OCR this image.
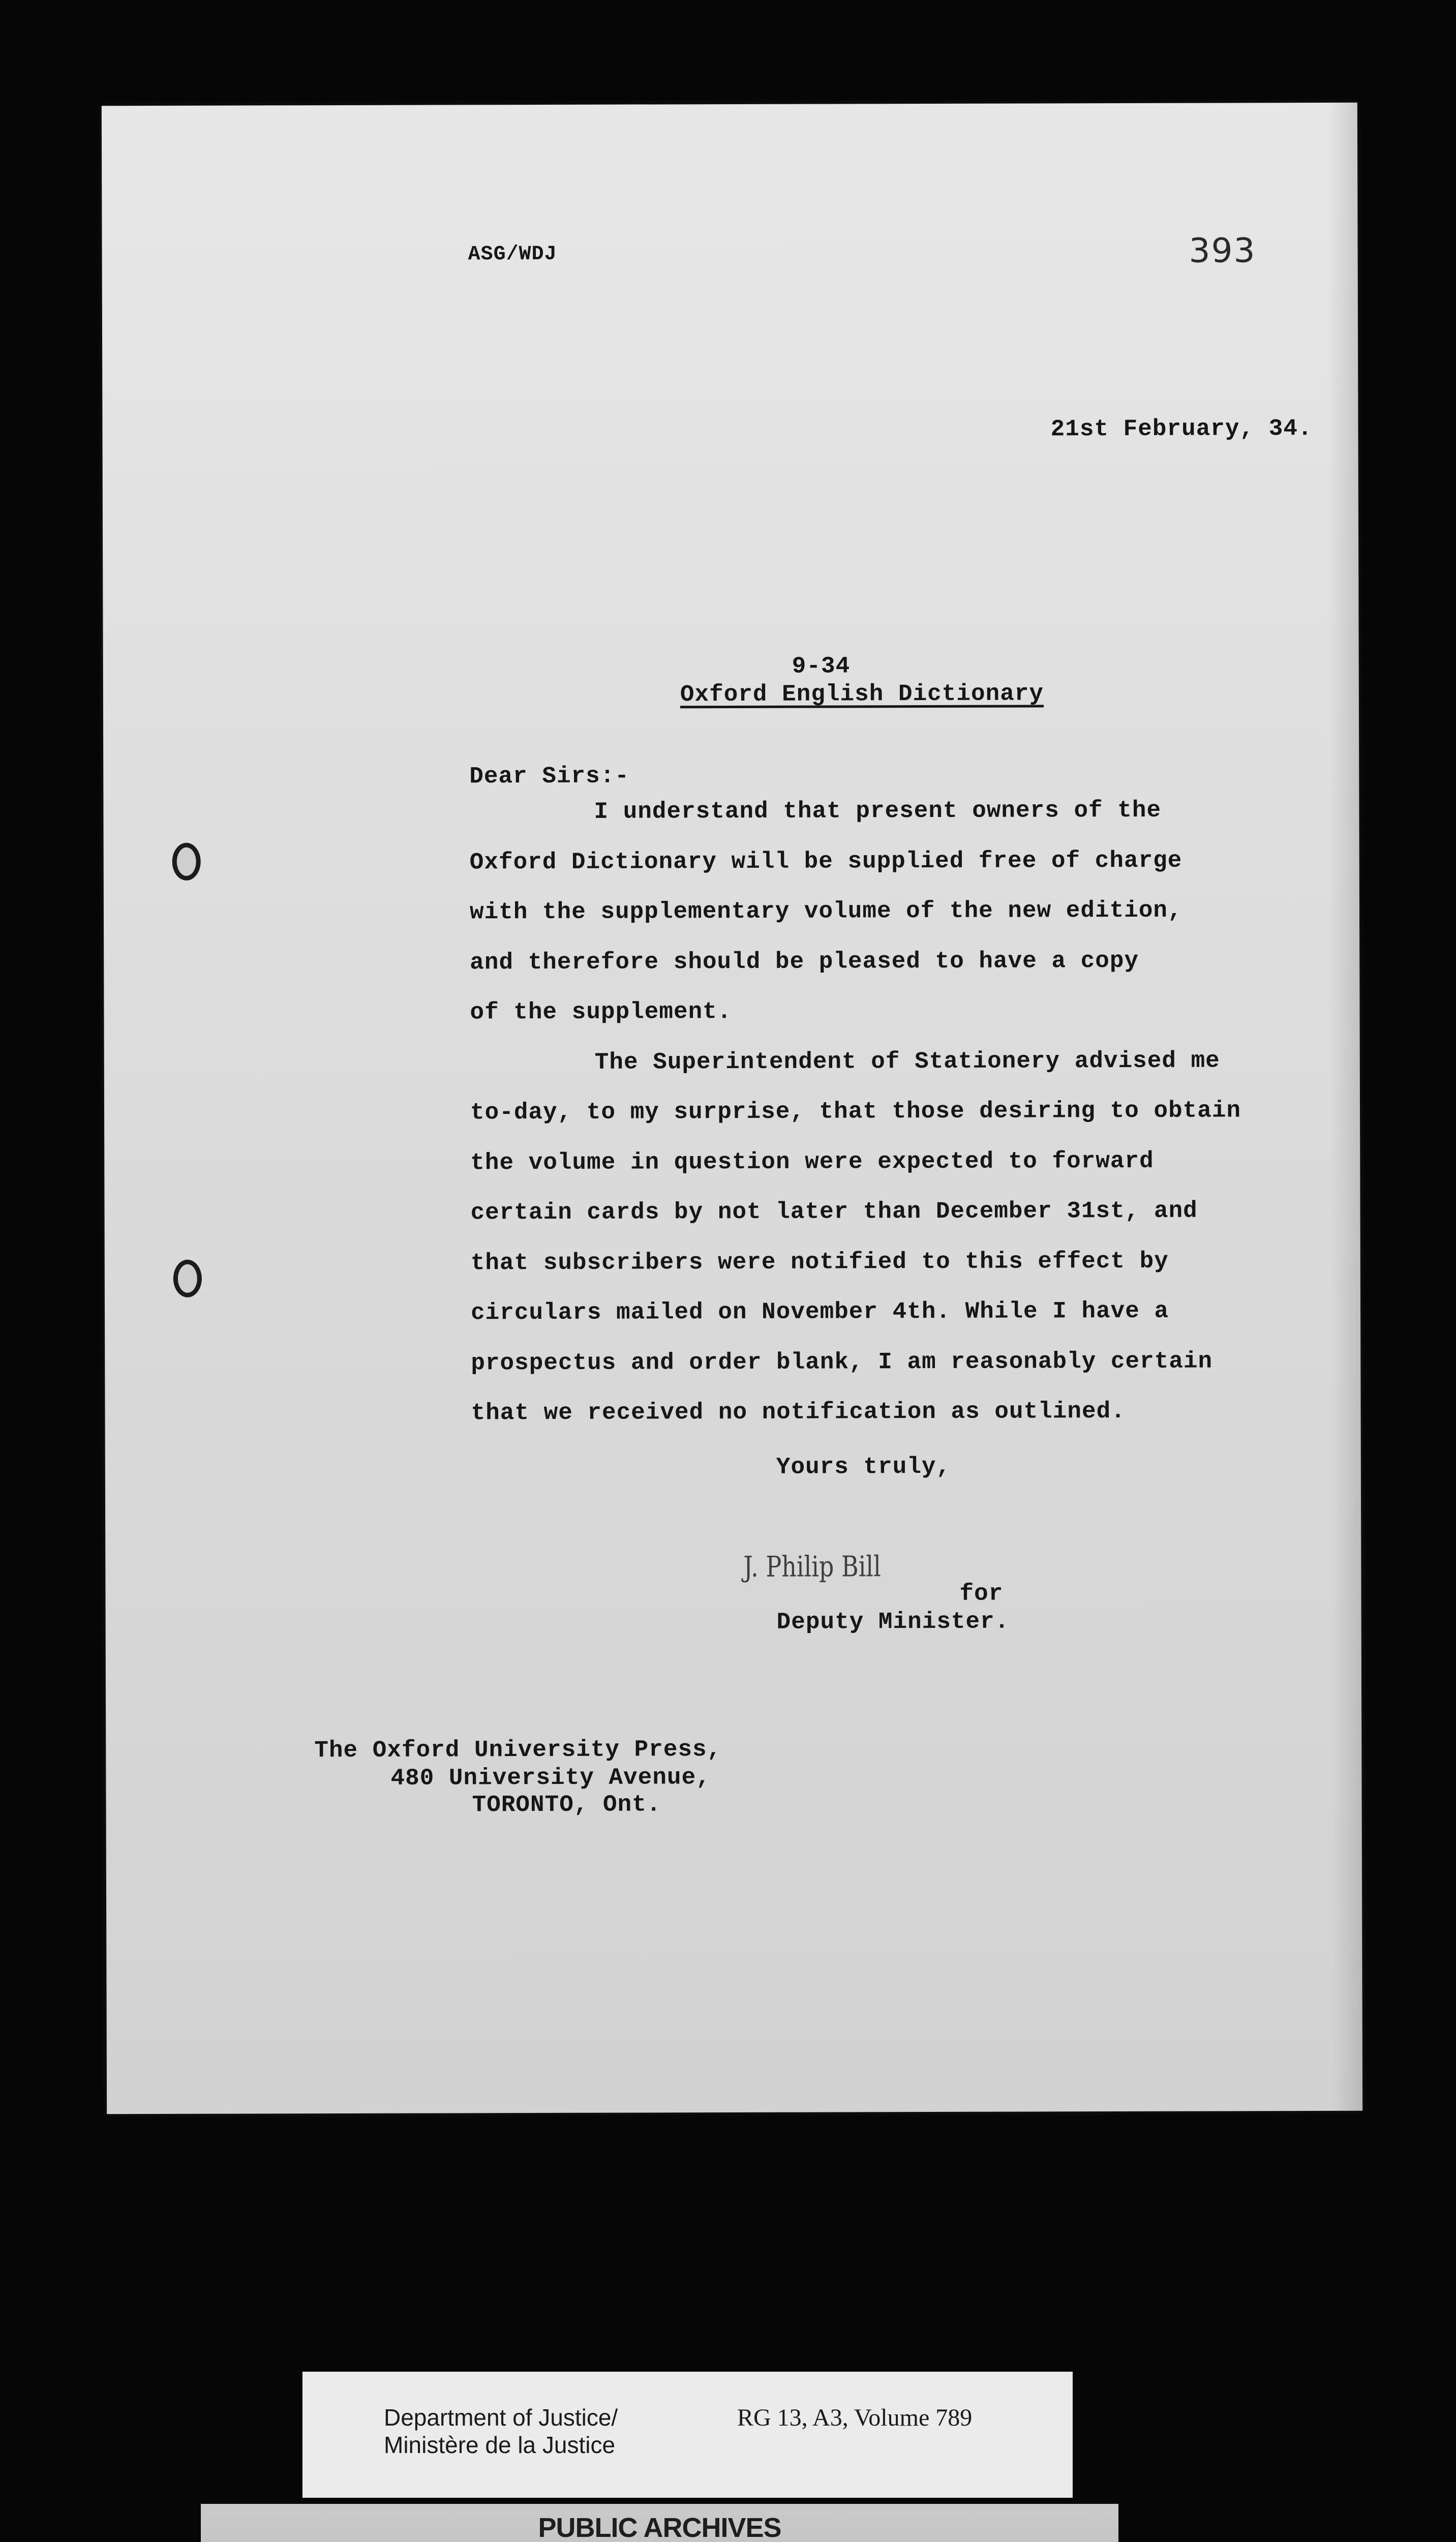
ASG/WDJ	393
21st February, 34.
9-34
Oxford English Dictionary
Dear Sirs:-
I understand that present owners of the
Oxford Dictionary will be supplied free of charge
with the supplementary volume of the new edition,
and therefore should be pleased to have a copy
of the supplement.
The Superintendent of Stationery advised me
to-day, to my surprise, that those desiring to obtain
the volume in question were expected to forward
certain cards by not later than December 31st, and
that subscribers were notified to this effect by
circulars mailed on November 4th. While I have a
prospectus and order blank, I am reasonably certain
that we received no notification as outlined.
Yours truly,
J. Philip Bill
for
Deputy Minister.
The Oxford University Press,
480 University Avenue,
TORONTO, Ont.
Department of Justice/
Ministère de la Justice
RG 13, A3, Volume 789
PUBLIC ARCHIVES
